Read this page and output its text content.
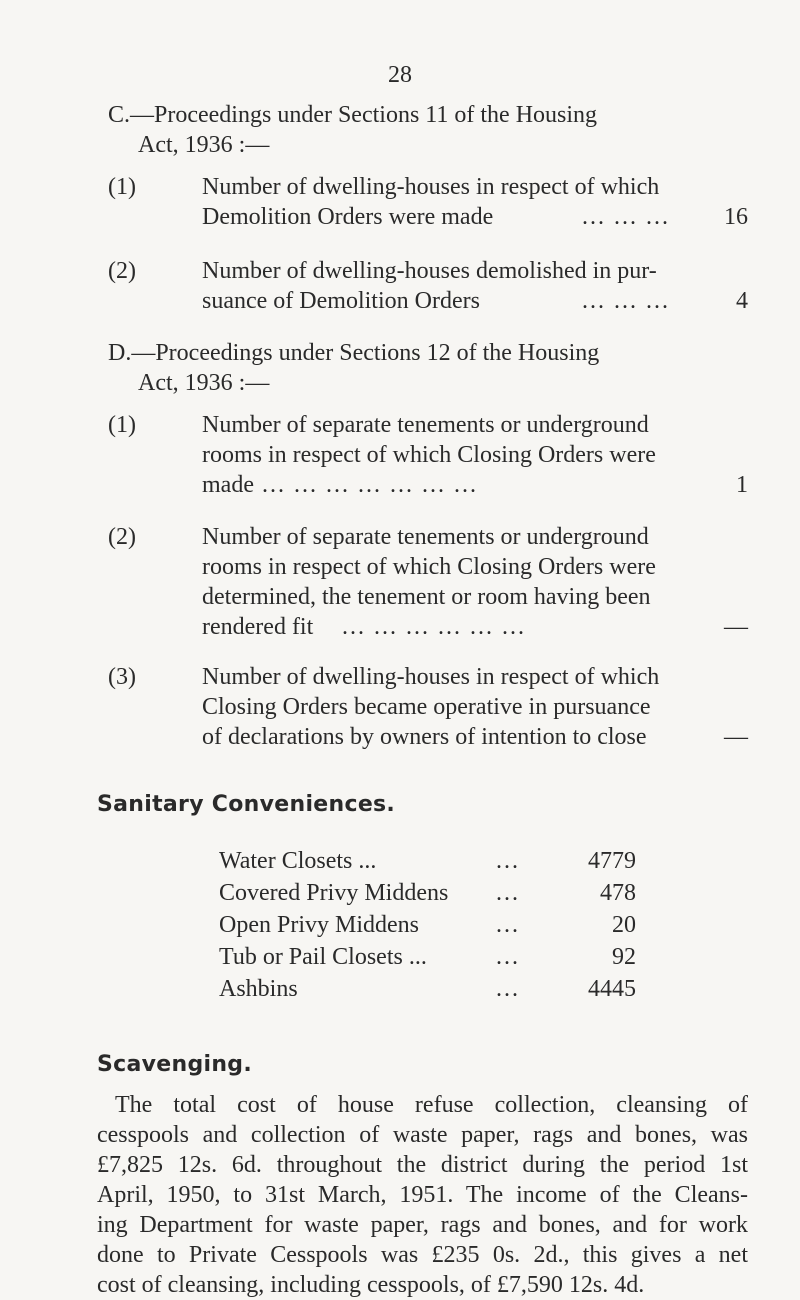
28
C.—Proceedings under Sections 11 of the Housing
Act, 1936 :—
(1)	Number of dwelling-houses in respect of which
Demolition Orders were made	... ... ... 16
(2)	Number of dwelling-houses demolished in pur-
suance of Demolition Orders	... ... ...	4
D.—Proceedings under Sections 12 of the Housing
Act, 1936 :—
(1)	Number of separate tenements or underground
rooms in respect of which Closing Orders were
made ... ... ... ... ... ... ...	1
(2)	Number of separate tenements or underground
rooms in respect of which Closing Orders were
determined, the tenement or room having been
rendered fit ... ... ... ... ... ...	—
(3)	Number of dwelling-houses in respect of which
Closing Orders became operative in pursuance
of declarations by owners of intention to close	—
Sanitary Conveniences.
Water Closets ...	...	4779
Covered Privy Middens ...	478
Open Privy Middens	...	20
Tub or Pail Closets ...	...	92
Ashbins	...	4445
Scavenging.
The total cost of house refuse collection, cleansing of
cesspools and collection of waste paper, rags and bones, was
£7,825 12s. 6d. throughout the district during the period 1st
April, 1950, to 31st March, 1951. The income of the Cleans-
ing Department for waste paper, rags and bones, and for work
done to Private Cesspools was £235 0s. 2d., this gives a net
cost of cleansing, including cesspools, of £7,590 12s. 4d.
